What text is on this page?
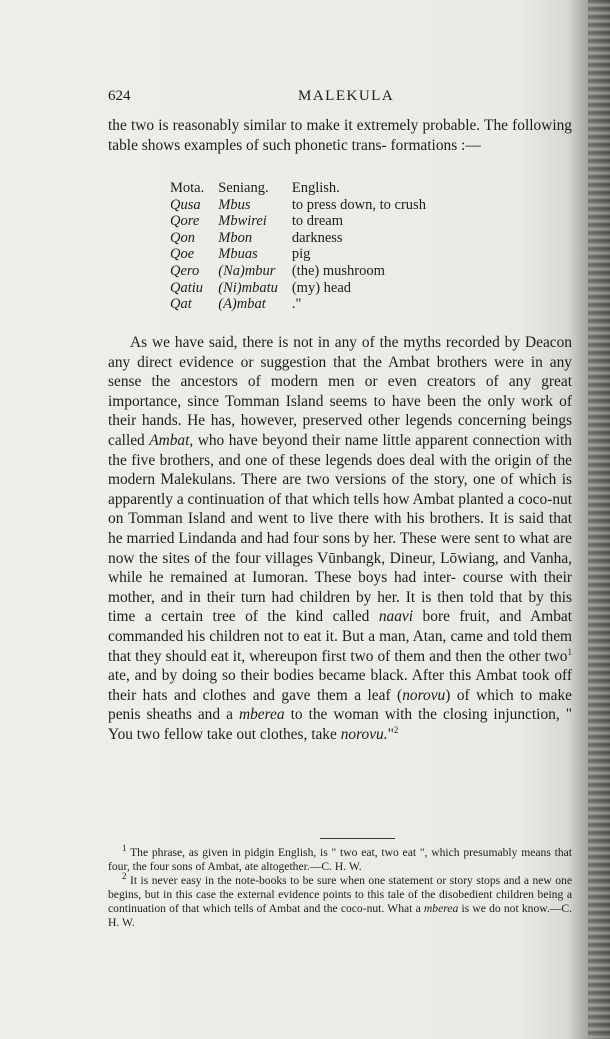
624	MALEKULA

the two is reasonably similar to make it extremely probable. The following table shows examples of such phonetic trans- formations :—

Mota.	Seniang.	English.
Qusa	Mbus	to press down, to crush
Qore	Mbwirei	to dream
Qon	Mbon	darkness
Qoe	Mbuas	pig
Qero	(Na)mbur	(the) mushroom
Qatiu	(Ni)mbatu	(my) head
Qat	(A)mbat	."

As we have said, there is not in any of the myths recorded by Deacon any direct evidence or suggestion that the Ambat brothers were in any sense the ancestors of modern men or even creators of any great importance, since Tomman Island seems to have been the only work of their hands. He has, however, preserved other legends concerning beings called Ambat, who have beyond their name little apparent connection with the five brothers, and one of these legends does deal with the origin of the modern Malekulans. There are two versions of the story, one of which is apparently a continuation of that which tells how Ambat planted a coco-nut on Tomman Island and went to live there with his brothers. It is said that he married Lindanda and had four sons by her. These were sent to what are now the sites of the four villages Vūnbangk, Dineur, Lōwiang, and Vanha, while he remained at Iumoran. These boys had inter- course with their mother, and in their turn had children by her. It is then told that by this time a certain tree of the kind called naavi bore fruit, and Ambat commanded his children not to eat it. But a man, Atan, came and told them that they should eat it, whereupon first two of them and then the other two$^1$ ate, and by doing so their bodies became black. After this Ambat took off their hats and clothes and gave them a leaf (norovu) of which to make penis sheaths and a mberea to the woman with the closing injunction, " You two fellow take out clothes, take norovu."$^2$

$^1$ The phrase, as given in pidgin English, is " two eat, two eat ", which presumably means that four, the four sons of Ambat, ate altogether.—C. H. W.

$^2$ It is never easy in the note-books to be sure when one statement or story stops and a new one begins, but in this case the external evidence points to this tale of the disobedient children being a continuation of that which tells of Ambat and the coco-nut. What a mberea is we do not know.—C. H. W.
